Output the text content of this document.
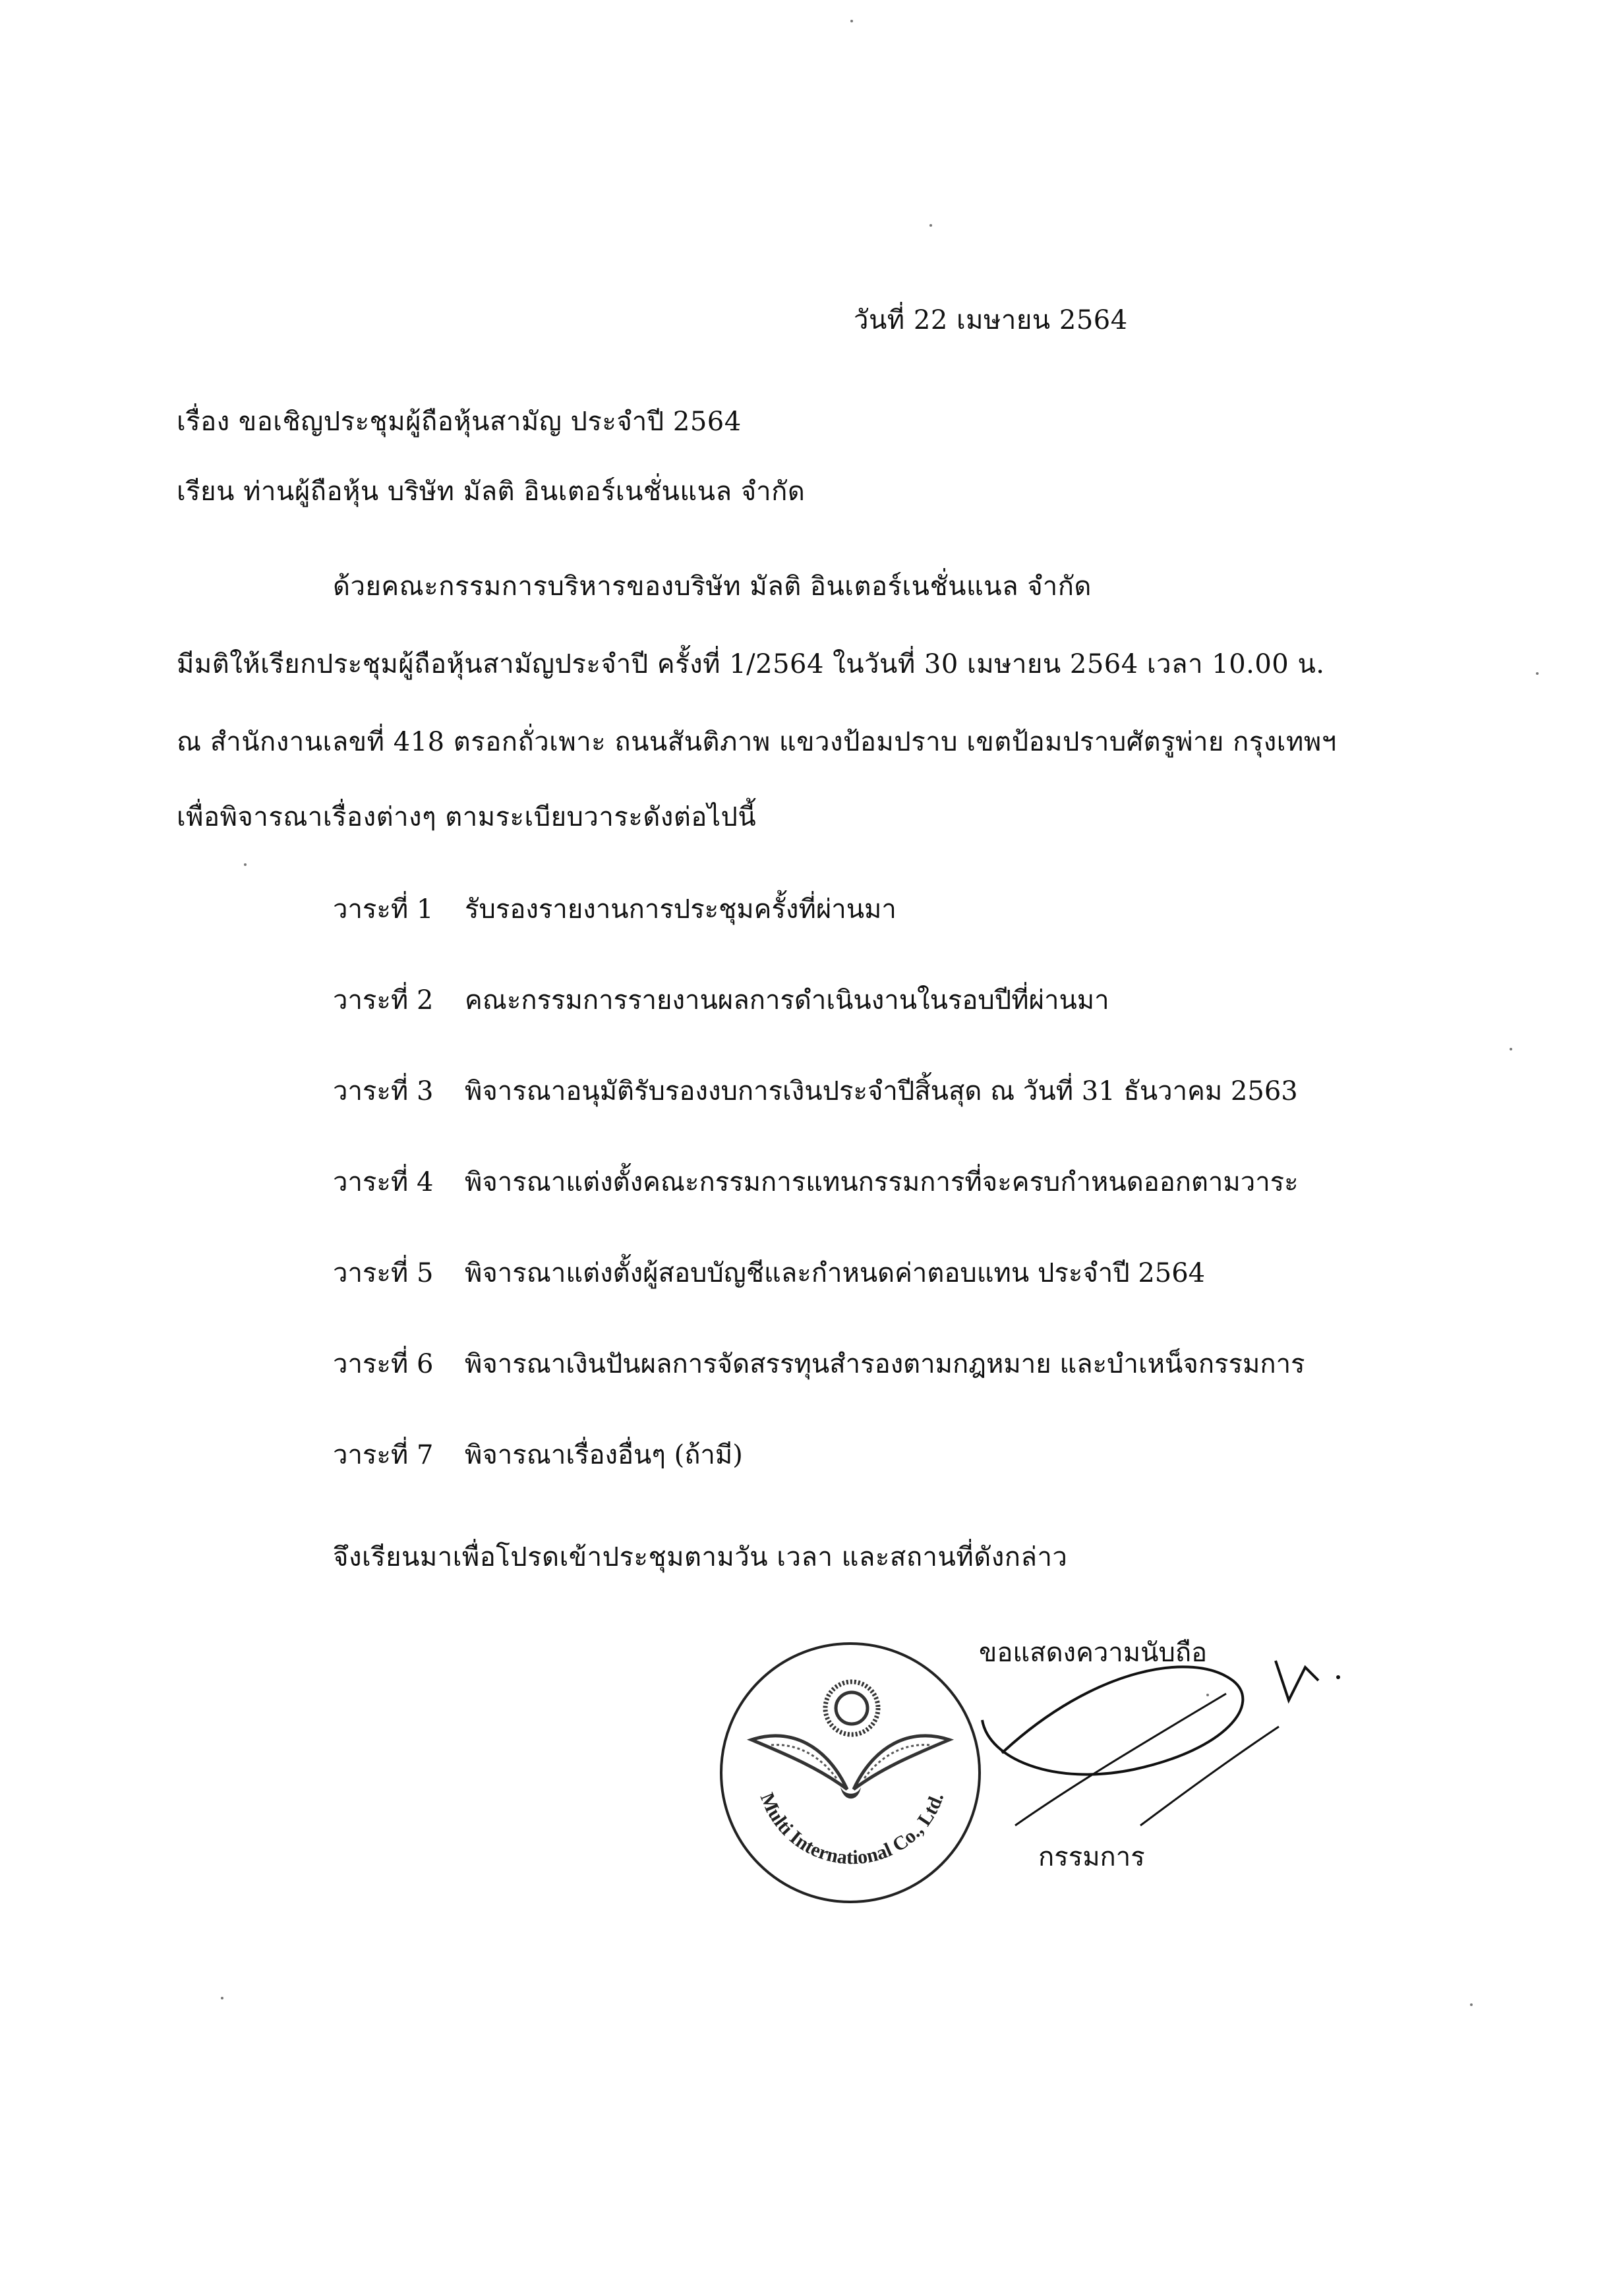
วันที่ 22 เมษายน 2564
เรื่อง ขอเชิญประชุมผู้ถือหุ้นสามัญ ประจำปี 2564
เรียน ท่านผู้ถือหุ้น บริษัท มัลติ อินเตอร์เนชั่นแนล จำกัด
ด้วยคณะกรรมการบริหารของบริษัท มัลติ อินเตอร์เนชั่นแนล จำกัด
มีมติให้เรียกประชุมผู้ถือหุ้นสามัญประจำปี ครั้งที่ 1/2564 ในวันที่ 30 เมษายน 2564 เวลา 10.00 น.
ณ สำนักงานเลขที่ 418 ตรอกถั่วเพาะ ถนนสันติภาพ แขวงป้อมปราบ เขตป้อมปราบศัตรูพ่าย กรุงเทพฯ
เพื่อพิจารณาเรื่องต่างๆ ตามระเบียบวาระดังต่อไปนี้
วาระที่ 1 รับรองรายงานการประชุมครั้งที่ผ่านมา
วาระที่ 2 คณะกรรมการรายงานผลการดำเนินงานในรอบปีที่ผ่านมา
วาระที่ 3 พิจารณาอนุมัติรับรองงบการเงินประจำปีสิ้นสุด ณ วันที่ 31 ธันวาคม 2563
วาระที่ 4 พิจารณาแต่งตั้งคณะกรรมการแทนกรรมการที่จะครบกำหนดออกตามวาระ
วาระที่ 5 พิจารณาแต่งตั้งผู้สอบบัญชีและกำหนดค่าตอบแทน ประจำปี 2564
วาระที่ 6 พิจารณาเงินปันผลการจัดสรรทุนสำรองตามกฎหมาย และบำเหน็จกรรมการ
วาระที่ 7 พิจารณาเรื่องอื่นๆ (ถ้ามี)
จึงเรียนมาเพื่อโปรดเข้าประชุมตามวัน เวลา และสถานที่ดังกล่าว
Multi International Co., Ltd.
ขอแสดงความนับถือ
กรรมการ
